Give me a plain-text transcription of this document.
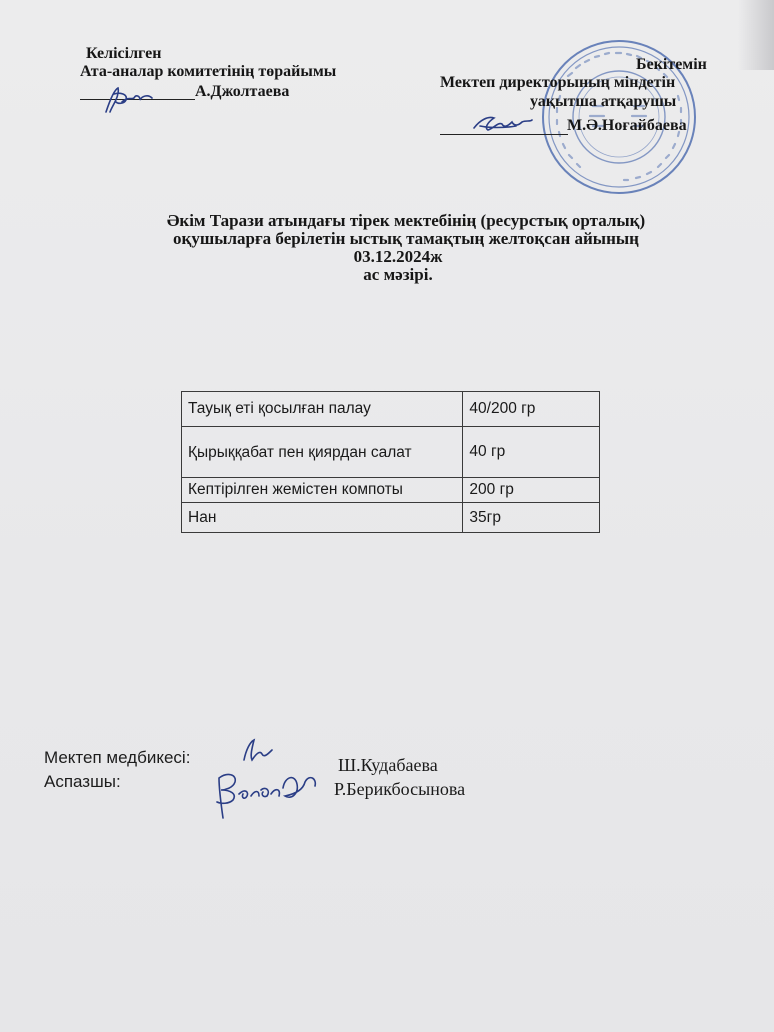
Келісілген
Ата-аналар комитетінің төрайымы
А.Джолтаева
Бекітемін
Мектеп директорының міндетін
уақытша атқарушы
М.Ә.Ноғайбаева
Әкім Тарази атындағы тірек мектебінің (ресурстық орталық)
оқушыларға берілетін ыстық тамақтың желтоқсан айының
03.12.2024ж
ас мәзірі.
Тауық еті қосылған палау	40/200 гр
Қырыққабат пен қиярдан салат	40 гр
Кептірілген жемістен компоты	200 гр
Нан	35гр
Мектеп медбикесі:	Ш.Кудабаева
Аспазшы:	Р.Берикбосынова
